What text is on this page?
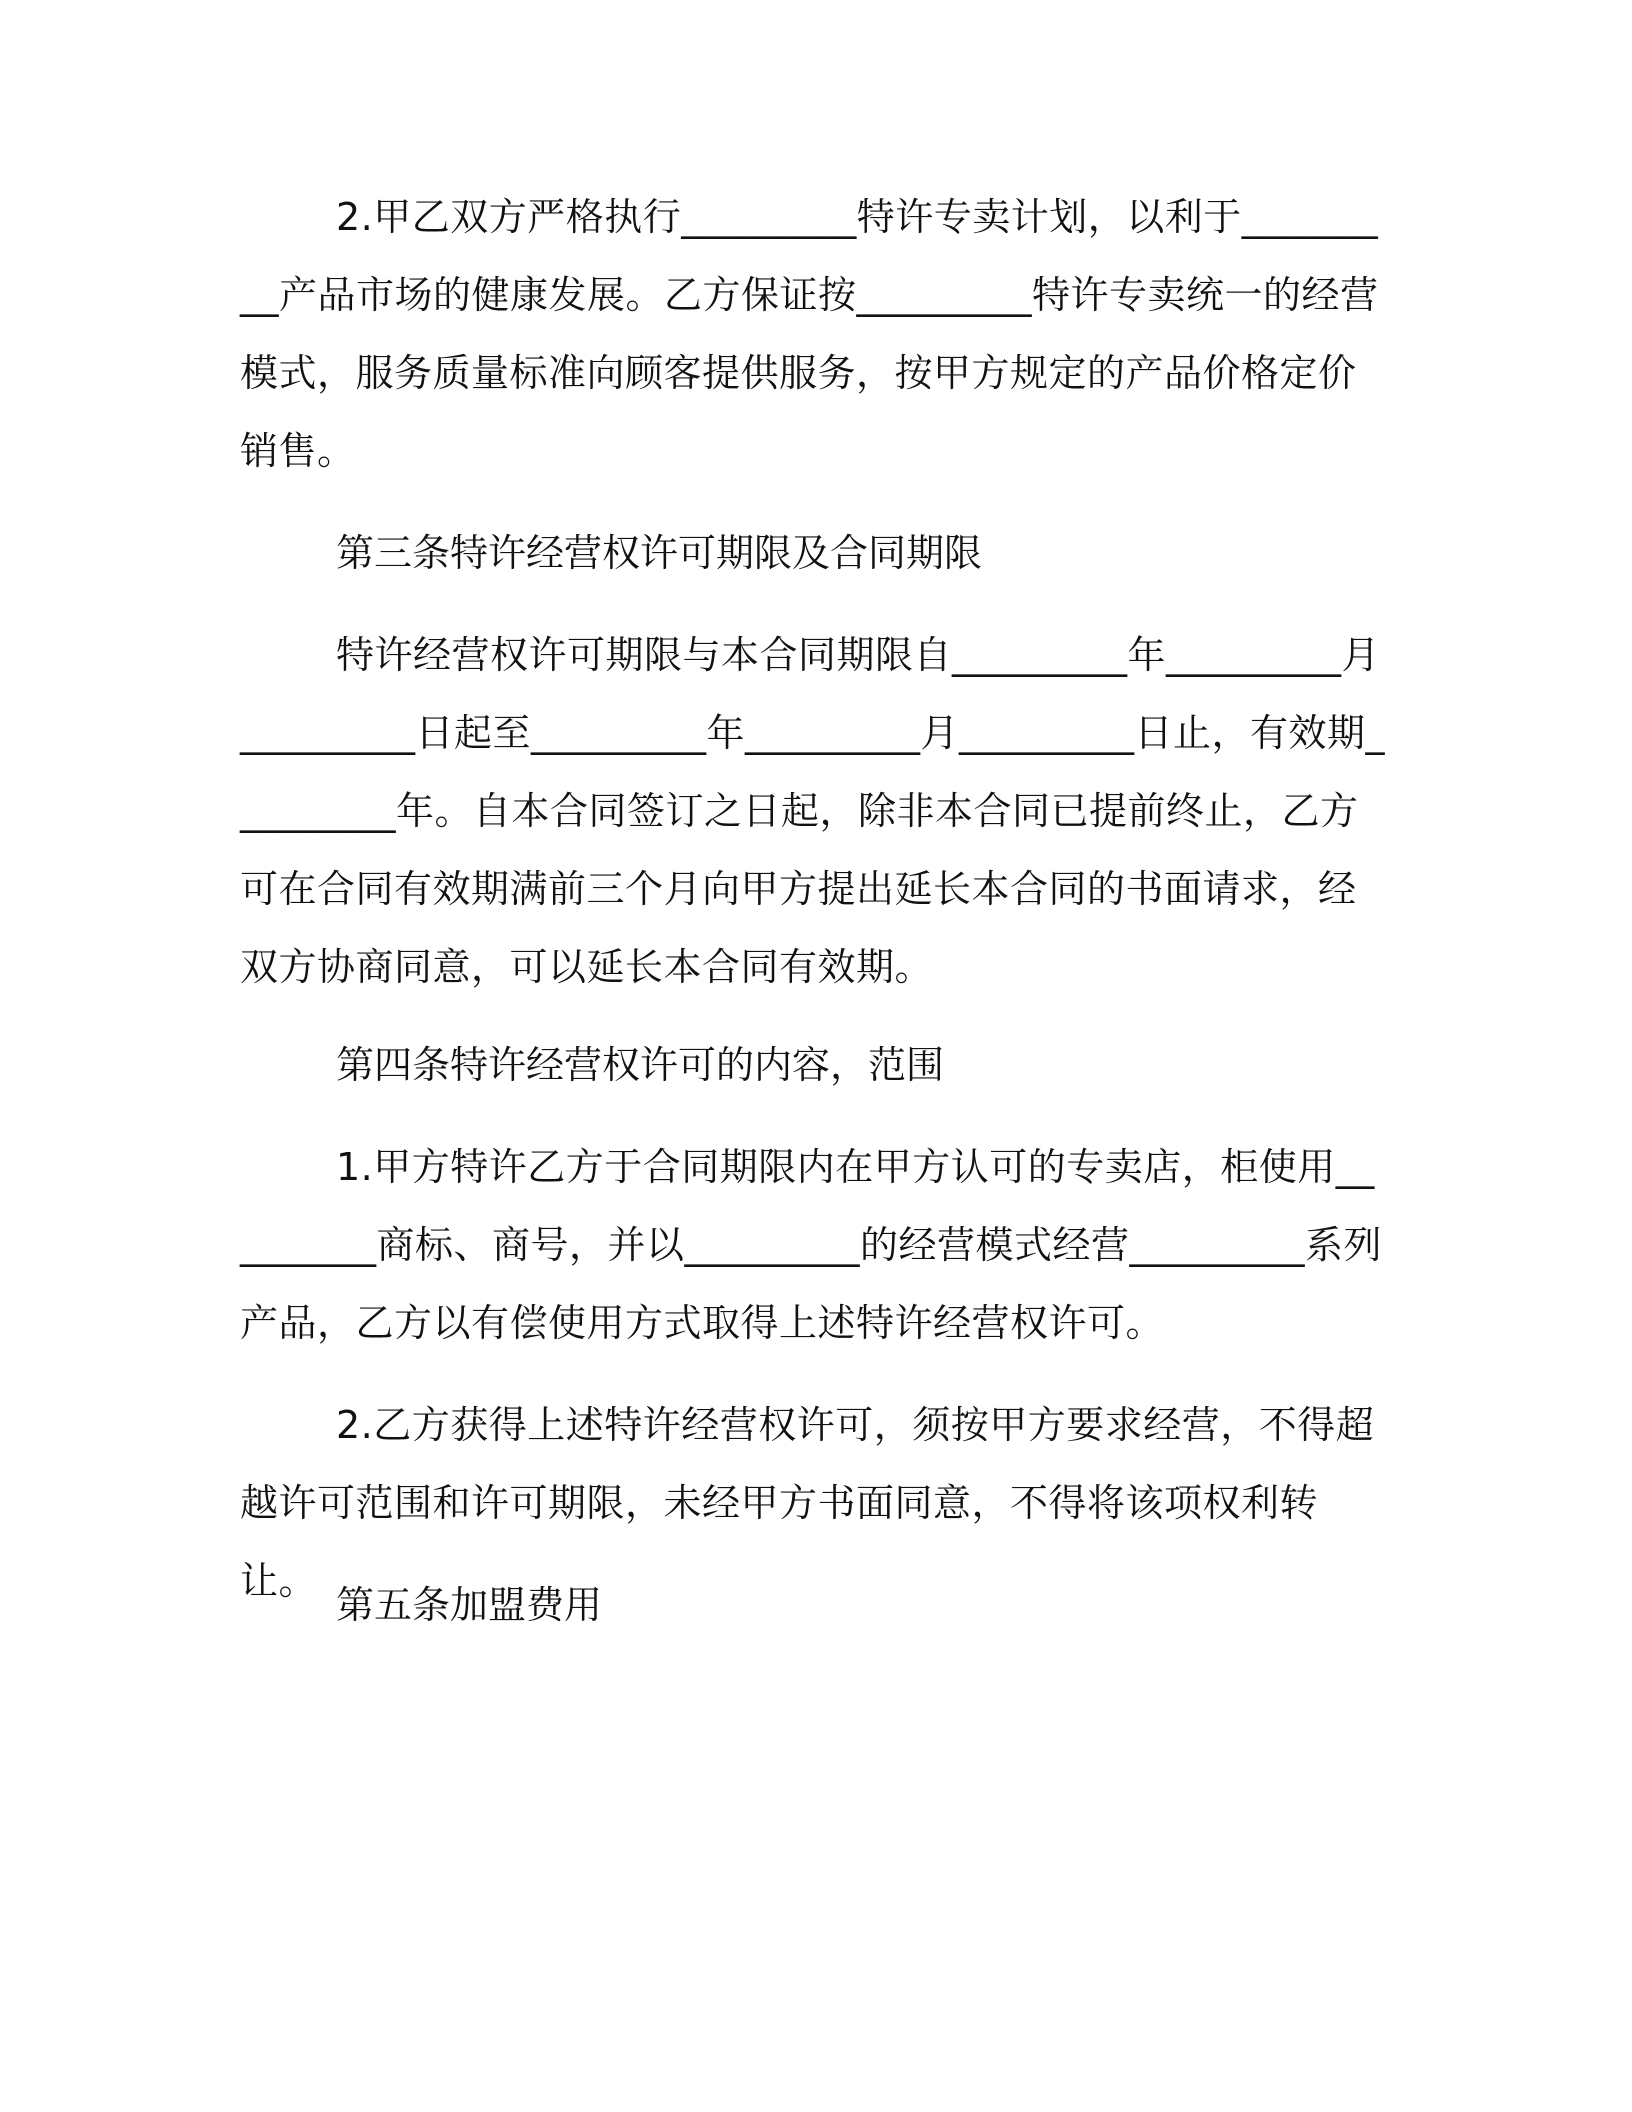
2.甲乙双方严格执行_________特许专卖计划，以利于_________产品市场的健康发展。乙方保证按_________特许专卖统一的经营模式，服务质量标准向顾客提供服务，按甲方规定的产品价格定价销售。

第三条特许经营权许可期限及合同期限

特许经营权许可期限与本合同期限自_________年_________月_________日起至_________年_________月_________日止，有效期_________年。自本合同签订之日起，除非本合同已提前终止，乙方可在合同有效期满前三个月向甲方提出延长本合同的书面请求，经双方协商同意，可以延长本合同有效期。

第四条特许经营权许可的内容，范围

1.甲方特许乙方于合同期限内在甲方认可的专卖店，柜使用_________商标、商号，并以_________的经营模式经营_________系列产品，乙方以有偿使用方式取得上述特许经营权许可。

2.乙方获得上述特许经营权许可，须按甲方要求经营，不得超越许可范围和许可期限，未经甲方书面同意，不得将该项权利转让。

第五条加盟费用
